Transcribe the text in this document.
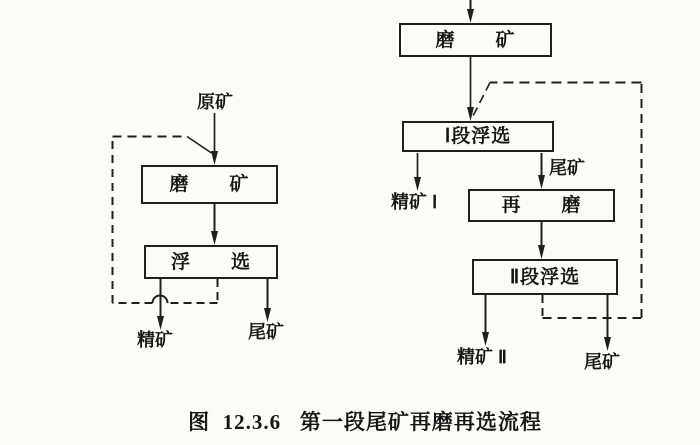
原矿
磨　　矿
浮　　选
精矿	尾矿
磨　　矿
Ⅰ段浮选
精矿 Ⅰ
尾矿
再　　磨
Ⅱ段浮选
精矿 Ⅱ	尾矿
图  12.3.6   第一段尾矿再磨再选流程
